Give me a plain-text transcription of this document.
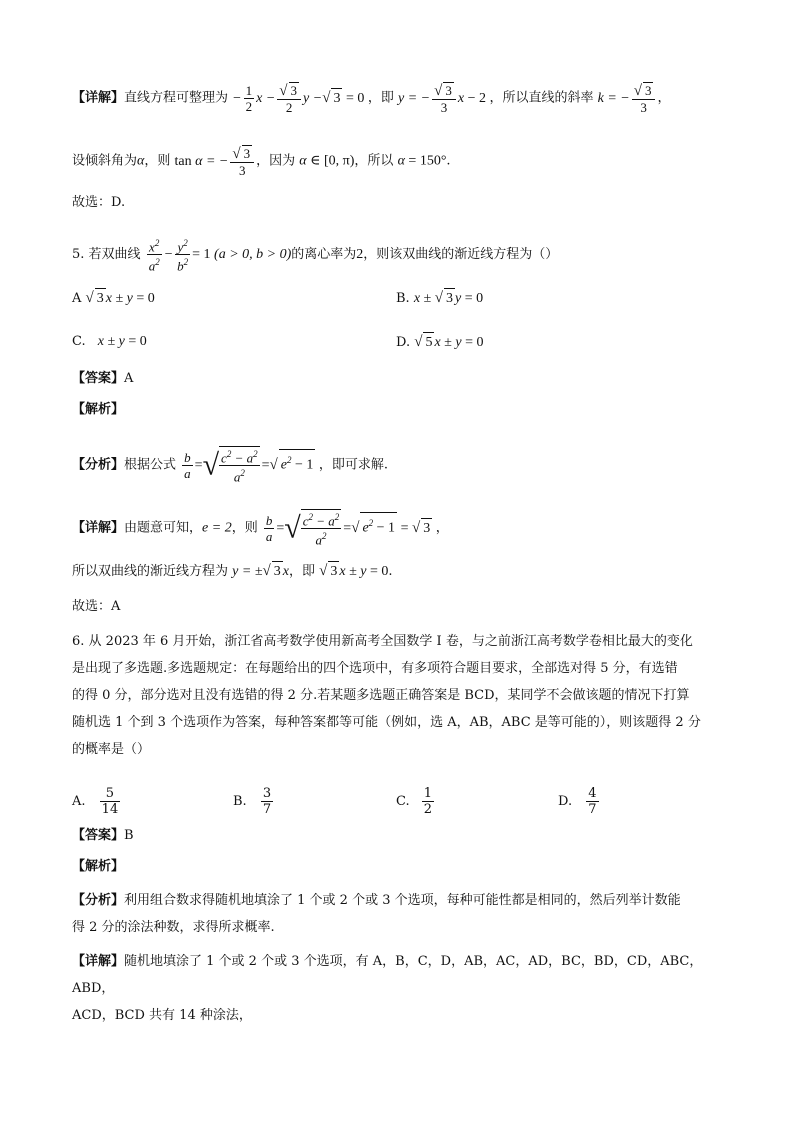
【详解】直线方程可整理为 − $\frac{1}{2}$ $x - \frac{√ 3}{2}$ y −√ 3 = 0 ，即 y = − $\frac{√ 3}{3}$ x − 2 ，所以直线的斜率 k = − $\frac{√ 3}{3}$ ，
设倾斜角为α，则 tan α = − $\frac{√ 3}{3}$ ，因为 α ∈ [0, π)，所以 α = 150°.
故选：D.
5. 若双曲线 $\frac{x^2}{a^2} - \frac{y^2}{b^2} = 1$ (a > 0, b > 0)的离心率为2，则该双曲线的渐近线方程为（）
A √ 3 x ± y = 0	B. x ± √ 3 y = 0
C. x ± y = 0	D. √ 5 x ± y = 0
【答案】A
【解析】
【分析】根据公式 $\frac{b}{a}$ =√ $\frac{c^2 - a^2}{a^2}$ =√ $e^2 - 1$ ，即可求解.
【详解】由题意可知，e = 2，则 $\frac{b}{a}$ =√ $\frac{c^2 - a^2}{a^2}$ =√ $e^2 - 1$ = √ 3 ，
所以双曲线的渐近线方程为 y = ±√ 3 x，即 √ 3 x ± y = 0.
故选：A
6. 从 2023 年 6 月开始，浙江省高考数学使用新高考全国数学 I 卷，与之前浙江高考数学卷相比最大的变化
是出现了多选题.多选题规定：在每题给出的四个选项中，有多项符合题目要求，全部选对得 5 分，有选错
的得 0 分，部分选对且没有选错的得 2 分.若某题多选题正确答案是 BCD，某同学不会做该题的情况下打算
随机选 1 个到 3 个选项作为答案，每种答案都等可能（例如，选 A，AB，ABC 是等可能的），则该题得 2 分
的概率是（）
A. $\frac{5}{14}$	B. $\frac{3}{7}$	C. $\frac{1}{2}$	D. $\frac{4}{7}$
【答案】B
【解析】
【分析】利用组合数求得随机地填涂了 1 个或 2 个或 3 个选项，每种可能性都是相同的，然后列举计数能
得 2 分的涂法种数，求得所求概率.
【详解】随机地填涂了 1 个或 2 个或 3 个选项，有 A，B，C，D，AB，AC，AD，BC，BD，CD，ABC，ABD，
ACD，BCD 共有 14 种涂法，
